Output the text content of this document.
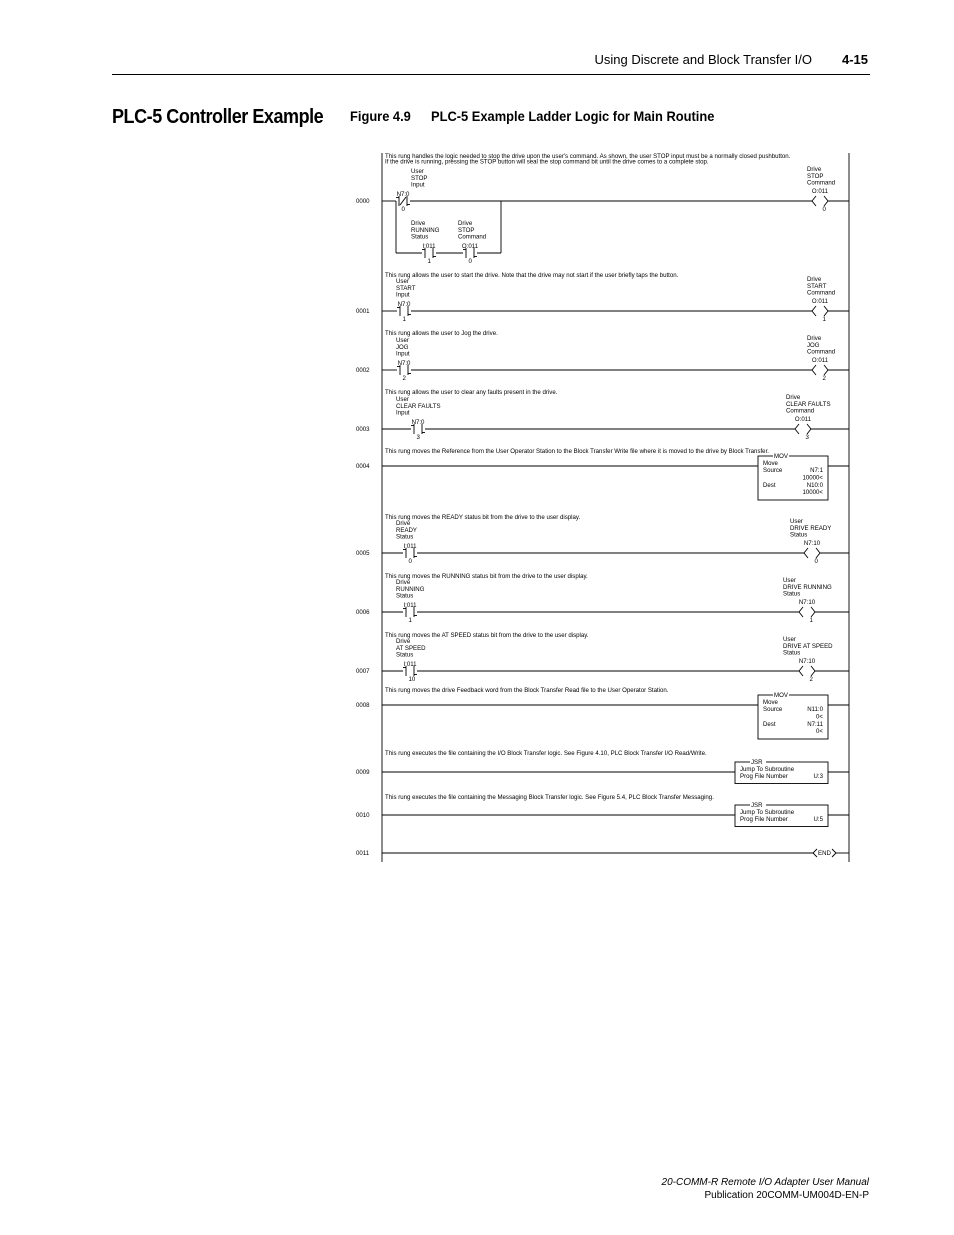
Using Discrete and Block Transfer I/O 4-15
PLC-5 Controller Example Figure 4.9 PLC-5 Example Ladder Logic for Main Routine
0000
This rung handles the logic needed to stop the drive upon the user's command. As shown, the user STOP input must be a normally closed pushbutton.
If the drive is running, pressing the STOP button will seal the stop command bit until the drive comes to a complete stop.
User
STOP
Input
N7:0
0
Drive
STOP
Command
O:011
0
Drive
RUNNING
Status
I:011
1
Drive
STOP
Command
O:011
0
0001
This rung allows the user to start the drive. Note that the drive may not start if the user briefly taps the button.
User
START
Input
N7:0
1
Drive
START
Command
O:011
1
0002
This rung allows the user to Jog the drive.
User
JOG
Input
N7:0
2
Drive
JOG
Command
O:011
2
0003
This rung allows the user to clear any faults present in the drive.
User
CLEAR FAULTS
Input
N7:0
3
Drive
CLEAR FAULTS
Command
O:011
3
0004
This rung moves the Reference from the User Operator Station to the Block Transfer Write file where it is moved to the drive by Block Transfer.
MOV
Move
Source	N7:1
10000<
Dest	N10:0
10000<
0005
This rung moves the READY status bit from the drive to the user display.
Drive
READY
Status
I:011
0
User
DRIVE READY
Status
N7:10
0
0006
This rung moves the RUNNING status bit from the drive to the user display.
Drive
RUNNING
Status
I:011
1
User
DRIVE RUNNING
Status
N7:10
1
0007
This rung moves the AT SPEED status bit from the drive to the user display.
Drive
AT SPEED
Status
I:011
10
User
DRIVE AT SPEED
Status
N7:10
2
0008
This rung moves the drive Feedback word from the Block Transfer Read file to the User Operator Station.
MOV
Move
Source	N11:0
0<
Dest	N7:11
0<
0009
This rung executes the file containing the I/O Block Transfer logic. See Figure 4.10, PLC Block Transfer I/O Read/Write.
JSR
Jump To Subroutine
Prog File Number	U:3
0010
This rung executes the file containing the Messaging Block Transfer logic. See Figure 5.4, PLC Block Transfer Messaging.
JSR
Jump To Subroutine
Prog File Number	U:5
0011	END
20-COMM-R Remote I/O Adapter User Manual
Publication 20COMM-UM004D-EN-P
